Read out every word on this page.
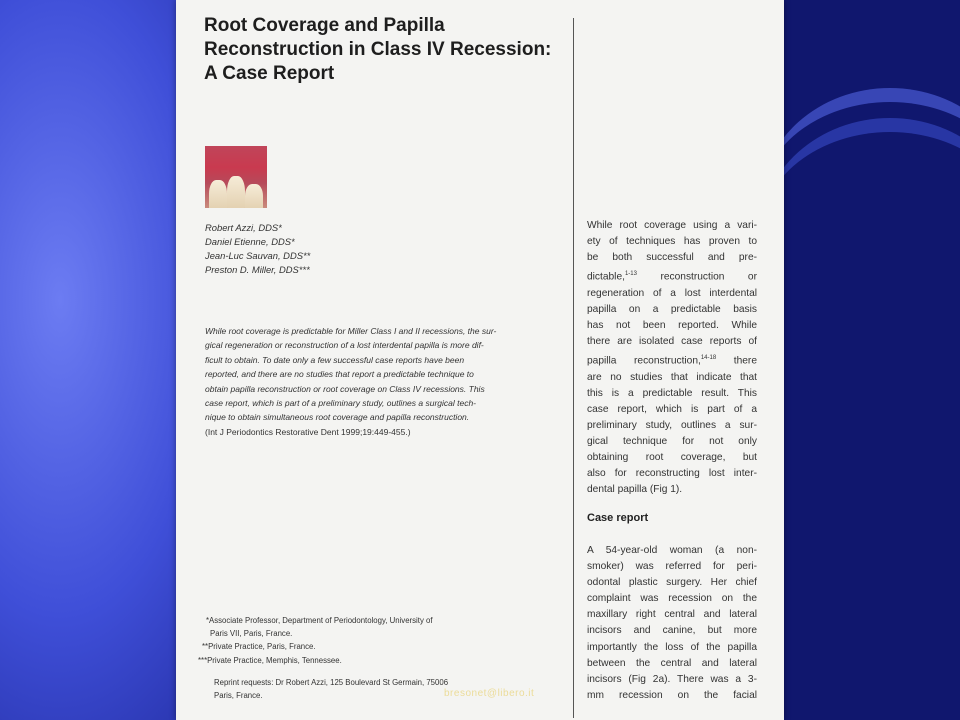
Root Coverage and Papilla
Reconstruction in Class IV Recession:
A Case Report
Robert Azzi, DDS*
Daniel Etienne, DDS*
Jean-Luc Sauvan, DDS**
Preston D. Miller, DDS***
While root coverage is predictable for Miller Class I and II recessions, the sur-
gical regeneration or reconstruction of a lost interdental papilla is more dif-
ficult to obtain. To date only a few successful case reports have been
reported, and there are no studies that report a predictable technique to
obtain papilla reconstruction or root coverage on Class IV recessions. This
case report, which is part of a preliminary study, outlines a surgical tech-
nique to obtain simultaneous root coverage and papilla reconstruction.
(Int J Periodontics Restorative Dent 1999;19:449-455.)
*Associate Professor, Department of Periodontology, University of
Paris VII, Paris, France.
**Private Practice, Paris, France.
***Private Practice, Memphis, Tennessee.
Reprint requests: Dr Robert Azzi, 125 Boulevard St Germain, 75006
Paris, France.	bresonet@libero.it
While root coverage using a vari-
ety of techniques has proven to
be both successful and pre-
dictable,$^{1-13}$ reconstruction or
regeneration of a lost interdental
papilla on a predictable basis
has not been reported. While
there are isolated case reports of
papilla reconstruction,$^{14-18}$ there
are no studies that indicate that
this is a predictable result. This
case report, which is part of a
preliminary study, outlines a sur-
gical technique for not only
obtaining root coverage, but
also for reconstructing lost inter-
dental papilla (Fig 1).
Case report
A 54-year-old woman (a non-
smoker) was referred for peri-
odontal plastic surgery. Her chief
complaint was recession on the
maxillary right central and lateral
incisors and canine, but more
importantly the loss of the papilla
between the central and lateral
incisors (Fig 2a). There was a 3-
mm recession on the facial
